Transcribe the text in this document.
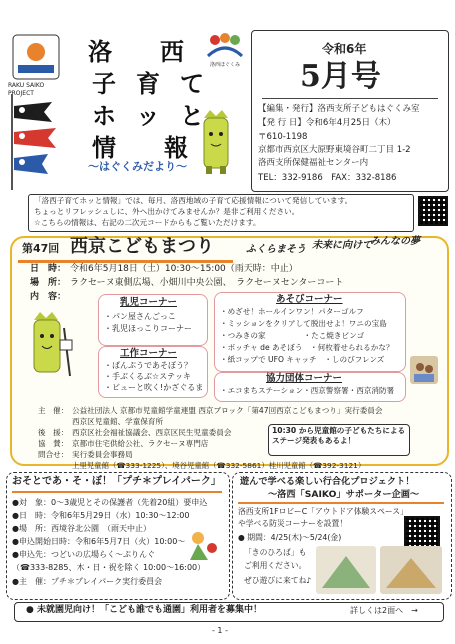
RAKU SAIKO PROJECT
洛西ほぐくみ
洛 西
子 育 て
ホ ッ と
情 報
〜はぐくみだより〜
令和6年
5月号
【編集・発行】洛西支所子どもはぐくみ室
【発 行 日】令和6年4月25日（木）
〒610-1198
京都市西京区大原野東境谷町二丁目 1-2
洛西支所保健福祉センター内
TEL：332-9186　FAX：332-8186
「洛西子育てホッと情報」では、毎月、洛西地域の子育て応援情報について発信しています。
ちょっとリフレッシュしに、外へ出かけてみませんか？是非ご利用ください。
☆こちらの情報は、右記の二次元コードからもご覧いただけます。
第47回 西京こどもまつり	ふくらまそう 未来に向けて
みんなの夢
日　時： 令和6年5月18日（土）10:30〜15:00（雨天時：中止）
場　所： ラクセーヌ東側広場、小畑川中央公園、　ラクセーヌセンターコート
内　容：	乳児コーナー
・パン屋さんごっこ
・乳児ほっこりコーナー
工作コーナー
・ぱんぷうであそぼう？
・手ぶくるぶ☆ステッキ
・ビューと吹く!かざぐるま
あそびコーナー
・めざせ！ホールインワン！パターゴルフ
・ミッションをクリアして脱出せよ！ワニの宝島
・つみきの家　　　　　・たこ焼きビンゴ
・ボッチャ de あそぼう　・何枚着せられるかな？
・紙コップで UFO キャッチ　・しのびフレンズ
協力団体コーナー
・エコまちステーション・西京警察署・西京消防署
主　催： 公益社団法人 京都市児童館学童連盟 西京ブロック「第47回西京こどもまつり」実行委員会
西京区児童館、学童保育所
後　援： 西京区社会福祉協議会、西京区民生児童委員会
協　賛： 京都市住宅供給公社、ラクセーヌ専門店
問合せ： 実行委員会事務局
上里児童館（☎333-1225）、境谷児童館（☎332-5861）桂川児童館（☎392-3121）
10:30 から児童館の子どもたちによるステージ発表もあるよ！
おそとであ・そ・ぼ！「プチ＊プレイパーク」
●対　象：0〜3歳児とその保護者（先着20組）要申込
●日　時：令和6年5月29日（水）10:30〜12:00
●場　所：西境谷北公園　（雨天中止）
●申込開始日時：令和6年5月7日（火）10:00〜
●申込先：つどいの広場らく〜ぷりんぐ
（☎333-8285、木・日・祝を除く 10:00〜16:00）
●主　催：プチ＊プレイパーク実行委員会
遊んで学べる楽しい行合化プロジェクト！
〜洛西「SAIKO」サポーター企画〜
洛西支所1FロビーC「アウトドア体験スペース」
や学べる防災コーナーを設置！
● 期間：4/25(木)〜5/24(金)
「きのひろば」も
ご利用ください。
ぜひ遊びに来てね♪
● 未就園児向け！「こども誰でも通園」利用者を募集中！	詳しくは2面へ　→
- 1 -
